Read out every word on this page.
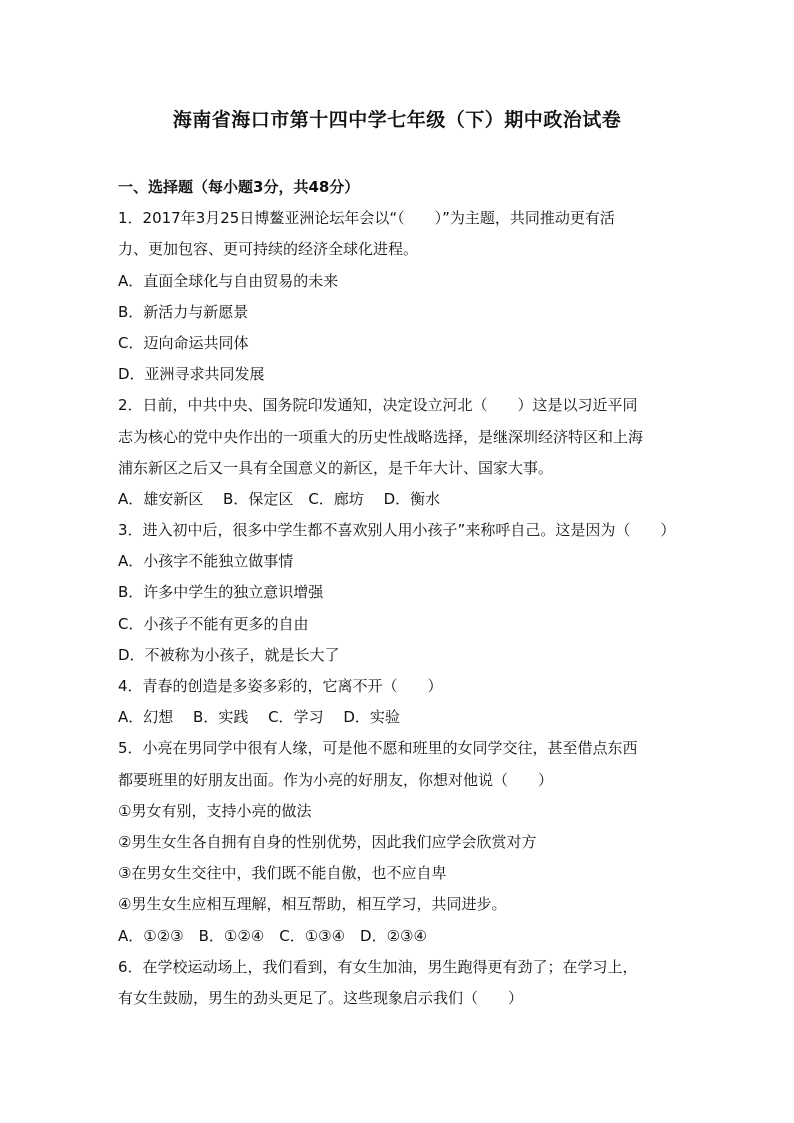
海南省海口市第十四中学七年级（下）期中政治试卷
一、选择题（每小题3分，共48分）
1．2017年3月25日博鳌亚洲论坛年会以“（　　）”为主题，共同推动更有活
力、更加包容、更可持续的经济全球化进程。
A．直面全球化与自由贸易的未来
B．新活力与新愿景
C．迈向命运共同体
D．亚洲寻求共同发展
2．日前，中共中央、国务院印发通知，决定设立河北（　　）这是以习近平同
志为核心的党中央作出的一项重大的历史性战略选择，是继深圳经济特区和上海
浦东新区之后又一具有全国意义的新区，是千年大计、国家大事。
A．雄安新区　 B．保定区　C．廊坊　 D．衡水
3．进入初中后，很多中学生都不喜欢别人用小孩子”来称呼自己。这是因为（　　）
A．小孩字不能独立做事情
B．许多中学生的独立意识增强
C．小孩子不能有更多的自由
D．不被称为小孩子，就是长大了
4．青春的创造是多姿多彩的，它离不开（　　）
A．幻想　 B．实践　 C．学习　 D．实验
5．小亮在男同学中很有人缘，可是他不愿和班里的女同学交往，甚至借点东西
都要班里的好朋友出面。作为小亮的好朋友，你想对他说（　　）
①男女有别，支持小亮的做法
②男生女生各自拥有自身的性别优势，因此我们应学会欣赏对方
③在男女生交往中，我们既不能自傲，也不应自卑
④男生女生应相互理解，相互帮助，相互学习，共同进步。
A．①②③　B．①②④　C．①③④　D．②③④
6．在学校运动场上，我们看到，有女生加油，男生跑得更有劲了；在学习上，
有女生鼓励，男生的劲头更足了。这些现象启示我们（　　）
